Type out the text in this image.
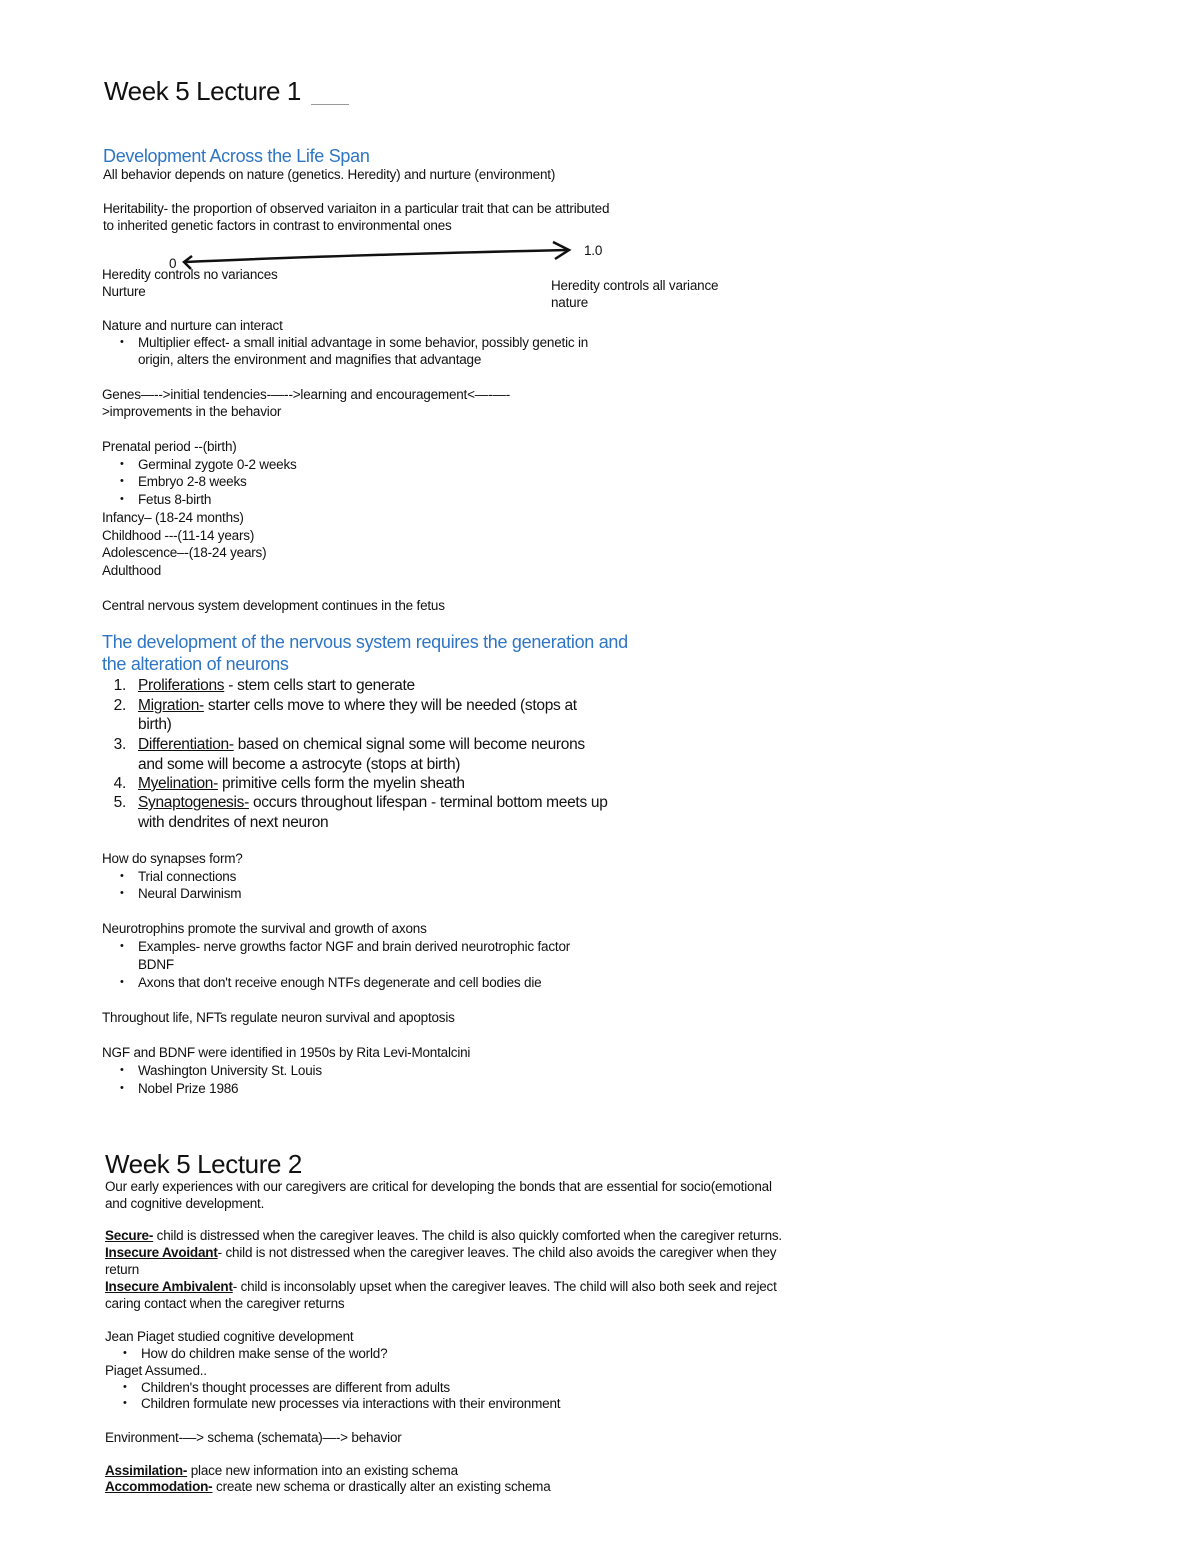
Week 5 Lecture 1
Development Across the Life Span
All behavior depends on nature (genetics. Heredity) and nurture (environment)
Heritability- the proportion of observed variaiton in a particular trait that can be attributed
to inherited genetic factors in contrast to environmental ones
0
1.0
Heredity controls no variances
Nurture	Heredity controls all variance
nature
Nature and nurture can interact
• Multiplier effect- a small initial advantage in some behavior, possibly genetic in
origin, alters the environment and magnifies that advantage
Genes—-->initial tendencies-—-->learning and encouragement<—-—-
>improvements in the behavior
Prenatal period --(birth)
• Germinal zygote 0-2 weeks
• Embryo 2-8 weeks
• Fetus 8-birth
Infancy– (18-24 months)
Childhood ---(11-14 years)
Adolescence–-(18-24 years)
Adulthood
Central nervous system development continues in the fetus
The development of the nervous system requires the generation and
the alteration of neurons
1. Proliferations - stem cells start to generate
2. Migration- starter cells move to where they will be needed (stops at
birth)
3. Differentiation- based on chemical signal some will become neurons
and some will become a astrocyte (stops at birth)
4. Myelination- primitive cells form the myelin sheath
5. Synaptogenesis- occurs throughout lifespan - terminal bottom meets up
with dendrites of next neuron
How do synapses form?
• Trial connections
• Neural Darwinism
Neurotrophins promote the survival and growth of axons
• Examples- nerve growths factor NGF and brain derived neurotrophic factor
BDNF
• Axons that don't receive enough NTFs degenerate and cell bodies die
Throughout life, NFTs regulate neuron survival and apoptosis
NGF and BDNF were identified in 1950s by Rita Levi-Montalcini
• Washington University St. Louis
• Nobel Prize 1986
Week 5 Lecture 2
Our early experiences with our caregivers are critical for developing the bonds that are essential for socio(emotional
and cognitive development.
Secure- child is distressed when the caregiver leaves. The child is also quickly comforted when the caregiver returns.
Insecure Avoidant- child is not distressed when the caregiver leaves. The child also avoids the caregiver when they
return
Insecure Ambivalent- child is inconsolably upset when the caregiver leaves. The child will also both seek and reject
caring contact when the caregiver returns
Jean Piaget studied cognitive development
• How do children make sense of the world?
Piaget Assumed..
• Children's thought processes are different from adults
• Children formulate new processes via interactions with their environment
Environment-—> schema (schemata)—-> behavior
Assimilation- place new information into an existing schema
Accommodation- create new schema or drastically alter an existing schema
